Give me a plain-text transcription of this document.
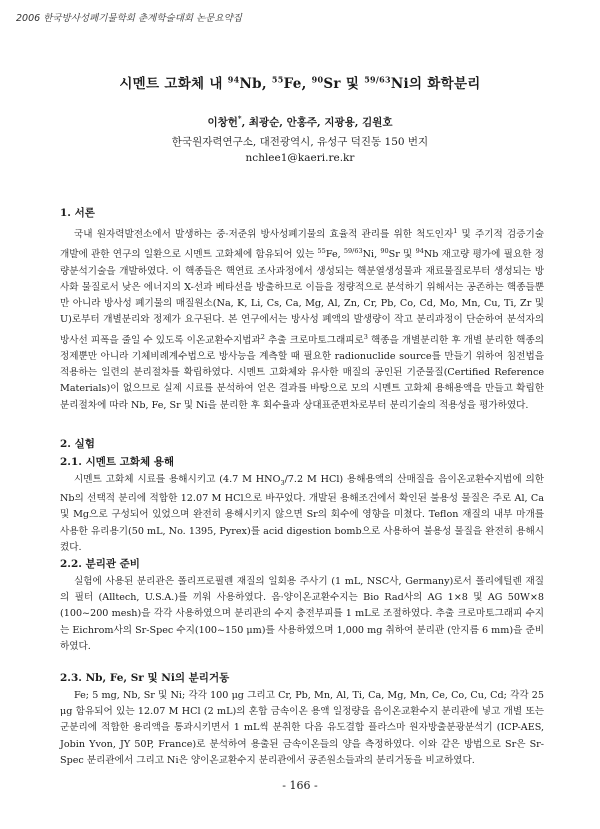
2006 한국방사성폐기물학회 춘계학술대회 논문요약집
시멘트 고화체 내 $^{94}$Nb, $^{55}$Fe, $^{90}$Sr 및 $^{59/63}$Ni의 화학분리
이창헌*, 최광순, 안홍주, 지광용, 김원호
한국원자력연구소, 대전광역시, 유성구 덕진동 150 번지
nchlee1@kaeri.re.kr
1. 서론
국내 원자력발전소에서 발생하는 중·저준위 방사성폐기물의 효율적 관리를 위한 척도인자$^1$ 및 주기적 검증기술 개발에 관한 연구의 일환으로 시멘트 고화체에 함유되어 있는 $^{55}$Fe, $^{59/63}$Ni, $^{90}$Sr 및 $^{94}$Nb 재고량 평가에 필요한 정량분석기술을 개발하였다. 이 핵종들은 핵연료 조사과정에서 생성되는 핵분열생성물과 재료물질로부터 생성되는 방사화 물질로서 낮은 에너지의 X-선과 베타선을 방출하므로 이들을 정량적으로 분석하기 위해서는 공존하는 핵종들뿐만 아니라 방사성 폐기물의 매질원소(Na, K, Li, Cs, Ca, Mg, Al, Zn, Cr, Pb, Co, Cd, Mo, Mn, Cu, Ti, Zr 및 U)로부터 개별분리와 정제가 요구된다. 본 연구에서는 방사성 폐액의 발생량이 작고 분리과정이 단순하여 분석자의 방사선 피폭을 줄일 수 있도록 이온교환수지법과$^2$ 추출 크로마토그래피로$^3$ 핵종을 개별분리한 후 개별 분리한 핵종의 정제뿐만 아니라 기체비례계수법으로 방사능을 계측할 때 필요한 radionuclide source를 만들기 위하여 침전법을 적용하는 일련의 분리절차를 확립하였다. 시멘트 고화체와 유사한 매질의 공인된 기준물질(Certified Reference Materials)이 없으므로 실제 시료를 분석하여 얻은 결과를 바탕으로 모의 시멘트 고화체 용해용액을 만들고 확립한 분리절차에 따라 Nb, Fe, Sr 및 Ni을 분리한 후 회수율과 상대표준편차로부터 분리기술의 적용성을 평가하였다.
2. 실험
2.1. 시멘트 고화체 용해
시멘트 고화체 시료를 용해시키고 (4.7 M $HNO_3/7.2$ M HCl) 용해용액의 산매질을 음이온교환수지법에 의한 Nb의 선택적 분리에 적합한 12.07 M HCl으로 바꾸었다. 개발된 용해조건에서 확인된 불용성 물질은 주로 Al, Ca 및 Mg으로 구성되어 있었으며 완전히 용해시키지 않으면 Sr의 회수에 영향을 미쳤다. Teflon 재질의 내부 마개를 사용한 유리용기(50 mL, No. 1395, Pyrex)를 acid digestion bomb으로 사용하여 불용성 물질을 완전히 용해시켰다.
2.2. 분리관 준비
실험에 사용된 분리관은 폴리프로필렌 재질의 일회용 주사기 (1 mL, NSC사, Germany)로서 폴리에틸렌 재질의 필터 (Alltech, U.S.A.)를 끼워 사용하였다. 음·양이온교환수지는 Bio Rad사의 AG 1×8 및 AG 50W×8 (100~200 mesh)을 각각 사용하였으며 분리관의 수지 충전부피를 1 mL로 조절하였다. 추출 크로마토그래피 수지는 Eichrom사의 Sr-Spec 수지(100~150 μm)를 사용하였으며 1,000 mg 취하여 분리관 (안지름 6 mm)을 준비하였다.
2.3. Nb, Fe, Sr 및 Ni의 분리거동
Fe; 5 mg, Nb, Sr 및 Ni; 각각 100 μg 그리고 Cr, Pb, Mn, Al, Ti, Ca, Mg, Mn, Ce, Co, Cu, Cd; 각각 25 μg 함유되어 있는 12.07 M HCl (2 mL)의 혼합 금속이온 용액 일정량을 음이온교환수지 분리관에 넣고 개별 또는 군분리에 적합한 용리액을 통과시키면서 1 mL씩 분취한 다음 유도결합 플라스마 원자방출분광분석기 (ICP-AES, Jobin Yvon, JY 50P, France)로 분석하여 용출된 금속이온들의 양을 측정하였다. 이와 같은 방법으로 Sr은 Sr-Spec 분리관에서 그리고 Ni은 양이온교환수지 분리관에서 공존원소들과의 분리거동을 비교하였다.
- 166 -
